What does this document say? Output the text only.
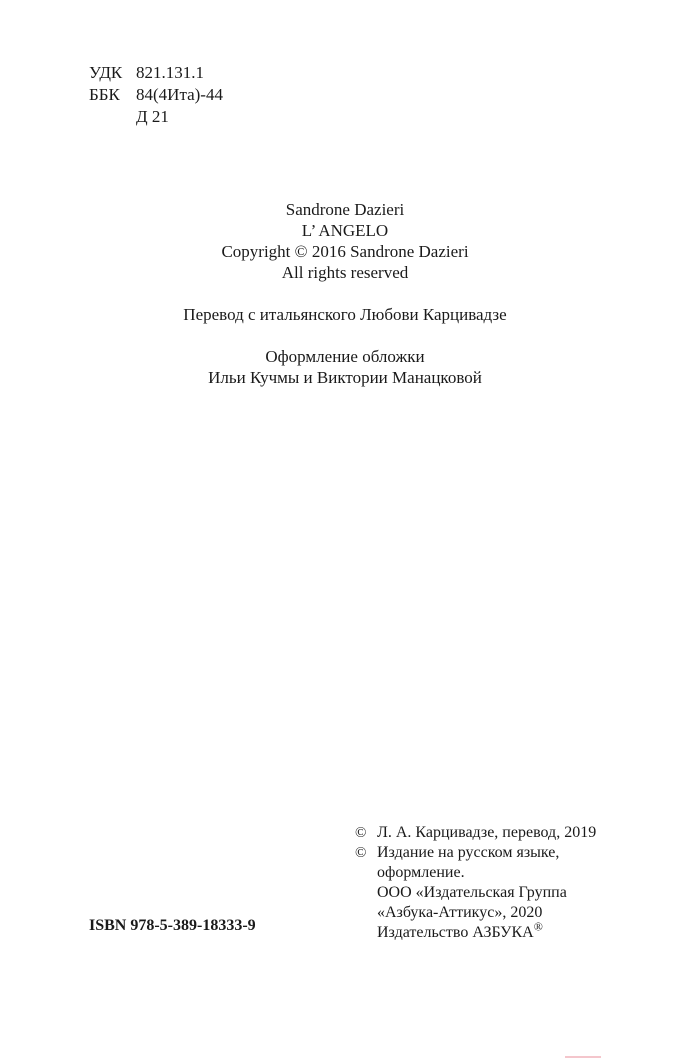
УДК 821.131.1
ББК 84(4Ита)-44
Д 21
Sandrone Dazieri
L’ ANGELO
Copyright © 2016 Sandrone Dazieri
All rights reserved
Перевод с итальянского Любови Карцивадзе
Оформление обложки
Ильи Кучмы и Виктории Манацковой
© Л. А. Карцивадзе, перевод, 2019
© Издание на русском языке,
оформление.
ООО «Издательская Группа
«Азбука-Аттикус», 2020
Издательство АЗБУКА®
ISBN 978-5-389-18333-9
